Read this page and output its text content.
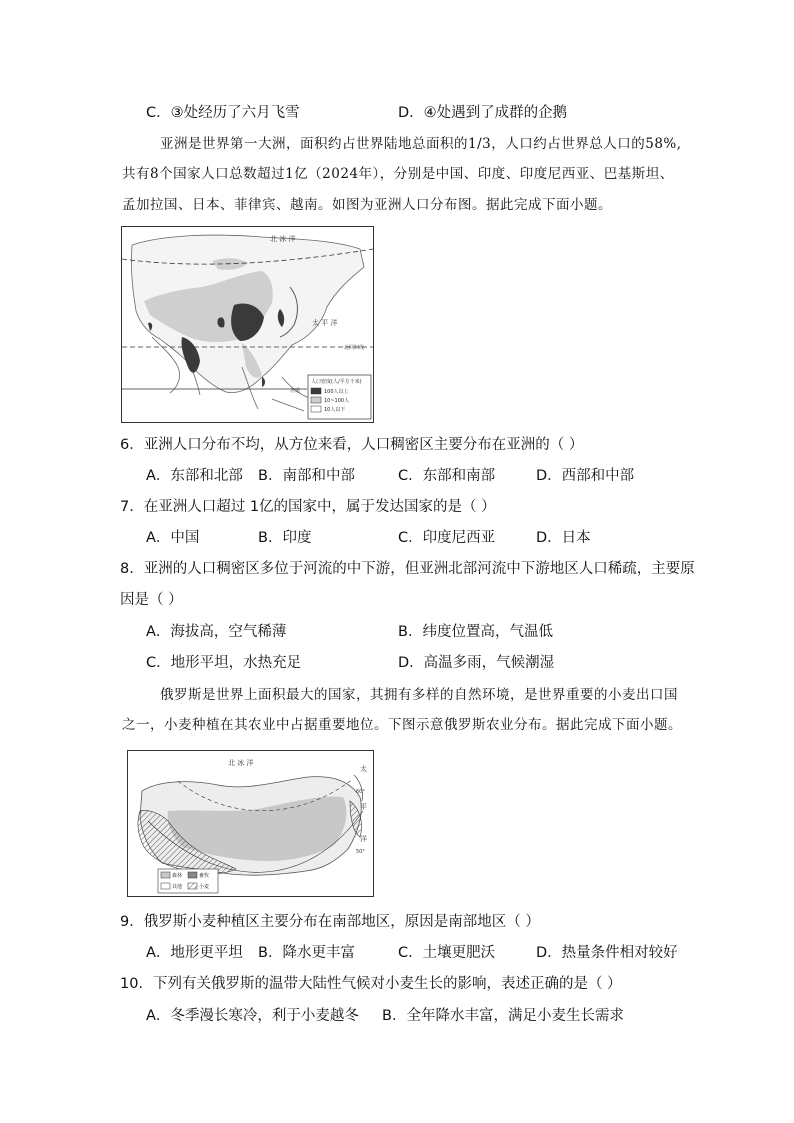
C．③处经历了六月飞雪	D．④处遇到了成群的企鹅
亚洲是世界第一大洲，面积约占世界陆地总面积的1/3，人口约占世界总人口的58%,
共有8个国家人口总数超过1亿（2024年），分别是中国、印度、印度尼西亚、巴基斯坦、
孟加拉国、日本、菲律宾、越南。如图为亚洲人口分布图。据此完成下面小题。
北 冰 洋
太 平 洋
北回归线
赤道
人口密度(人/平方千米)
100人以上
10~100人
10人以下
6．亚洲人口分布不均，从方位来看，人口稠密区主要分布在亚洲的（ ）
A．东部和北部 B．南部和中部	C．东部和南部	D．西部和中部
7．在亚洲人口超过 1亿的国家中，属于发达国家的是（ ）
A．中国	B．印度	C．印度尼西亚	D．日本
8．亚洲的人口稠密区多位于河流的中下游，但亚洲北部河流中下游地区人口稀疏，主要原
因是（ ）
A．海拔高，空气稀薄	B．纬度位置高，气温低
C．地形平坦，水热充足	D．高温多雨，气候潮湿
俄罗斯是世界上面积最大的国家，其拥有多样的自然环境，是世界重要的小麦出口国
之一，小麦种植在其农业中占据重要地位。下图示意俄罗斯农业分布。据此完成下面小题。
北 冰 洋
太
平
洋
60°
50°
森林	畜牧
其他	小麦
9．俄罗斯小麦种植区主要分布在南部地区，原因是南部地区（ ）
A．地形更平坦 B．降水更丰富	C．土壤更肥沃	D．热量条件相对较好
10．下列有关俄罗斯的温带大陆性气候对小麦生长的影响，表述正确的是（ ）
A．冬季漫长寒冷，利于小麦越冬 B．全年降水丰富，满足小麦生长需求
